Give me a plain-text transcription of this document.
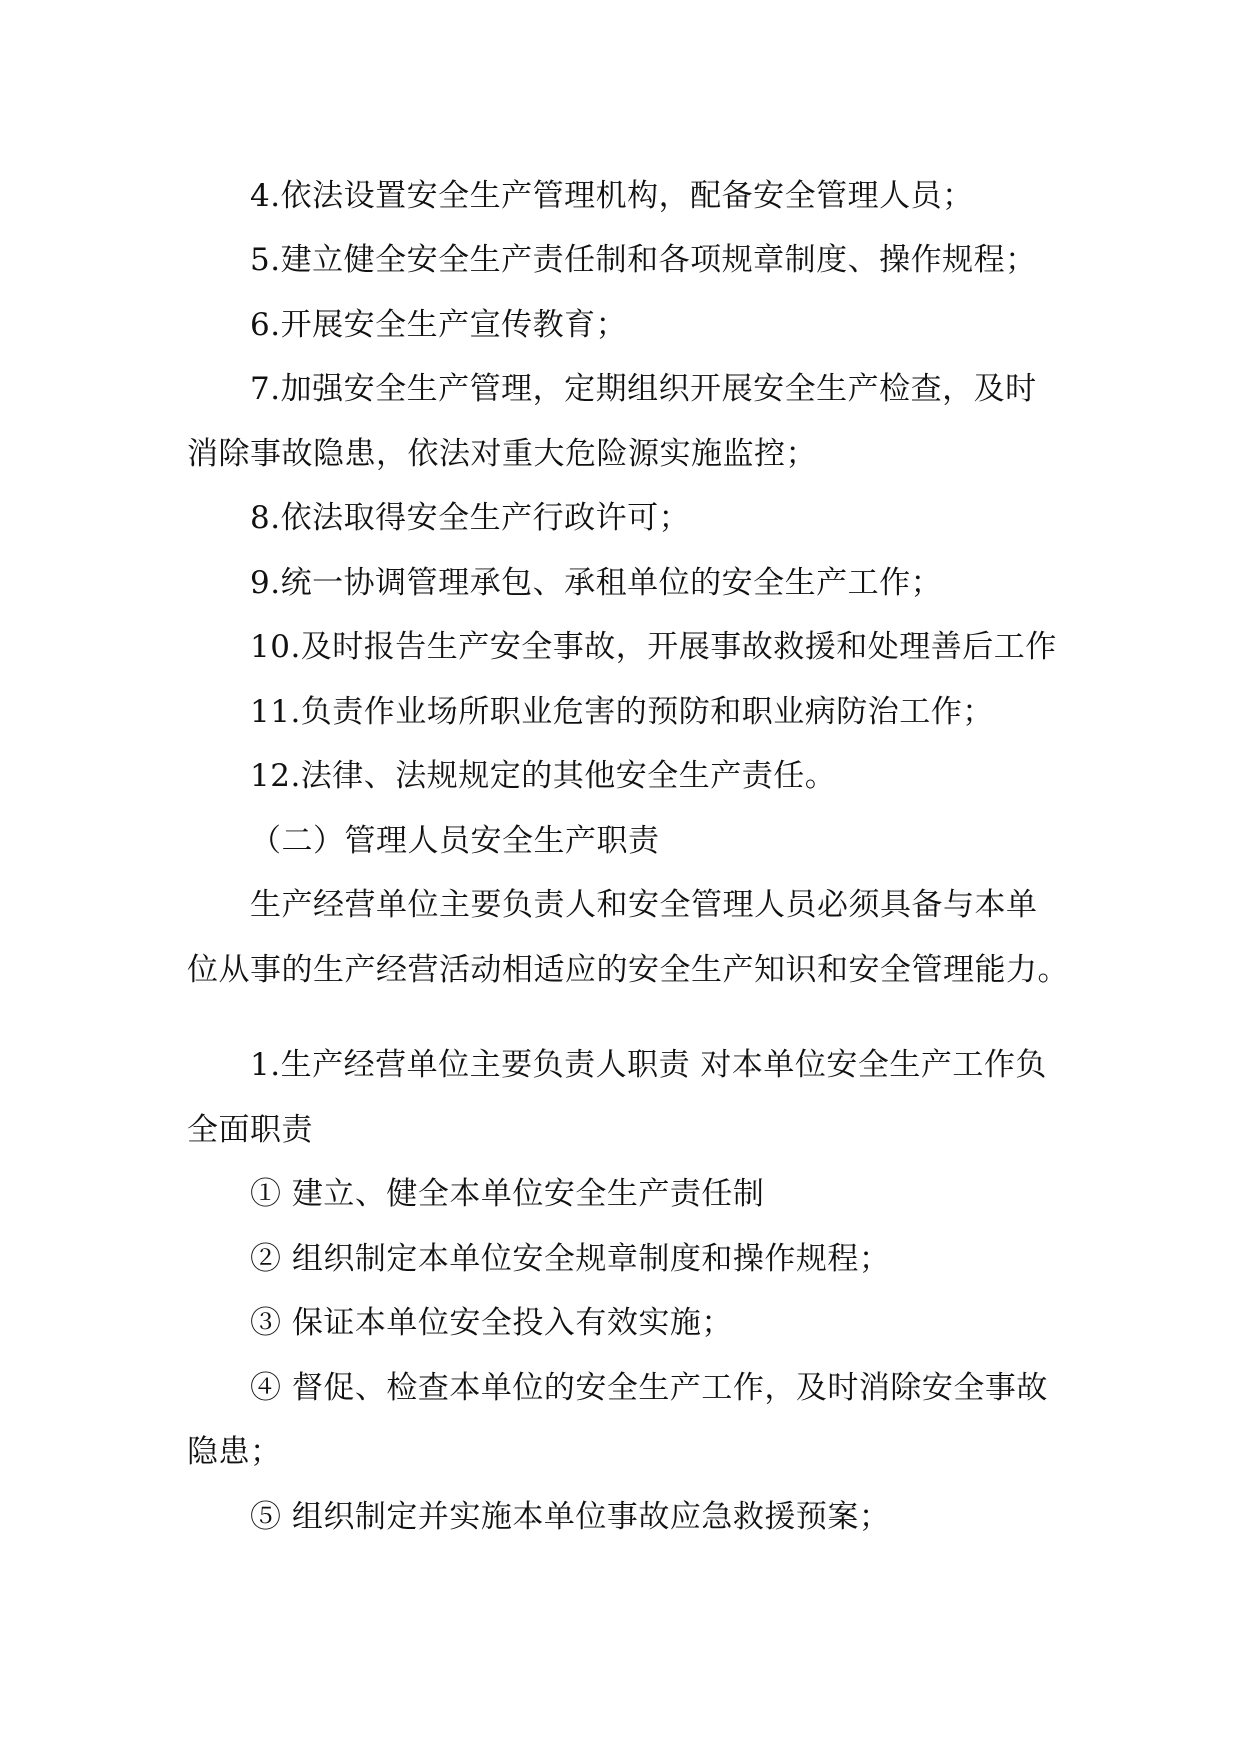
4.依法设置安全生产管理机构，配备安全管理人员；
5.建立健全安全生产责任制和各项规章制度、操作规程；
6.开展安全生产宣传教育；
7.加强安全生产管理，定期组织开展安全生产检查，及时
消除事故隐患，依法对重大危险源实施监控；
8.依法取得安全生产行政许可；
9.统一协调管理承包、承租单位的安全生产工作；
10.及时报告生产安全事故，开展事故救援和处理善后工作
11.负责作业场所职业危害的预防和职业病防治工作；
12.法律、法规规定的其他安全生产责任。
（二）管理人员安全生产职责
生产经营单位主要负责人和安全管理人员必须具备与本单
位从事的生产经营活动相适应的安全生产知识和安全管理能力。
1.生产经营单位主要负责人职责 对本单位安全生产工作负
全面职责
① 建立、健全本单位安全生产责任制
② 组织制定本单位安全规章制度和操作规程；
③ 保证本单位安全投入有效实施；
④ 督促、检查本单位的安全生产工作，及时消除安全事故
隐患；
⑤ 组织制定并实施本单位事故应急救援预案；
